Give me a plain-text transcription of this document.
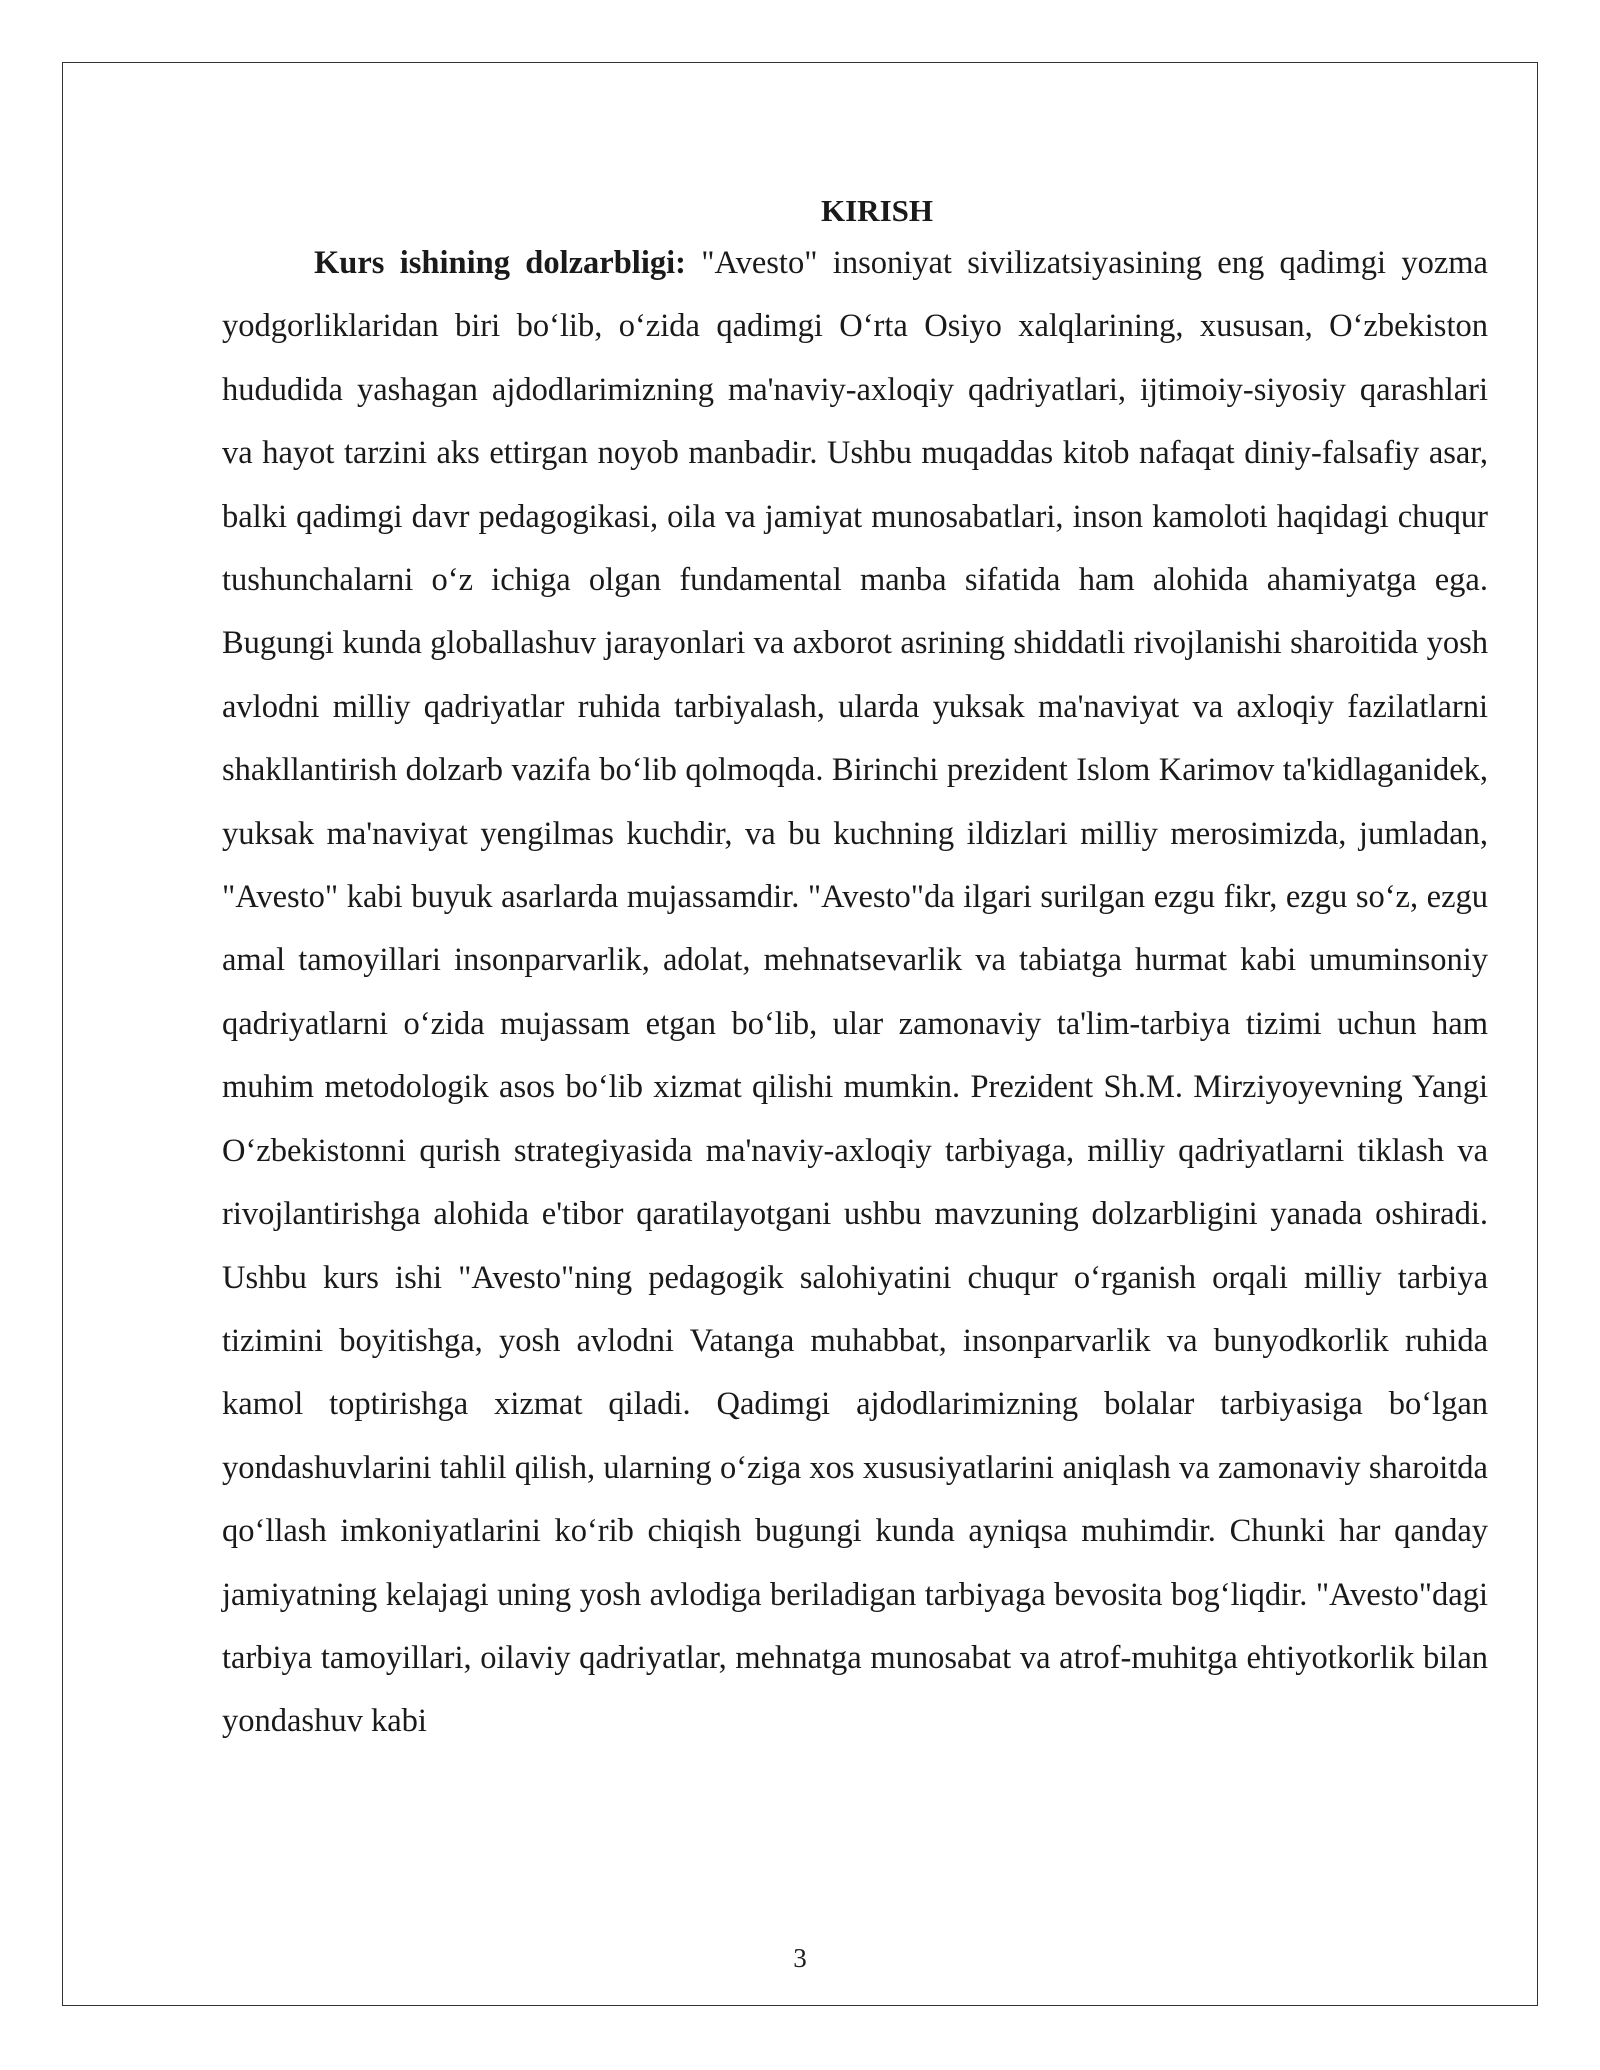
KIRISH

Kurs ishining dolzarbligi: "Avesto" insoniyat sivilizatsiyasining eng qadimgi yozma yodgorliklaridan biri bo‘lib, o‘zida qadimgi O‘rta Osiyo xalqlarining, xususan, O‘zbekiston hududida yashagan ajdodlarimizning ma'naviy-axloqiy qadriyatlari, ijtimoiy-siyosiy qarashlari va hayot tarzini aks ettirgan noyob manbadir. Ushbu muqaddas kitob nafaqat diniy-falsafiy asar, balki qadimgi davr pedagogikasi, oila va jamiyat munosabatlari, inson kamoloti haqidagi chuqur tushunchalarni o‘z ichiga olgan fundamental manba sifatida ham alohida ahamiyatga ega. Bugungi kunda globallashuv jarayonlari va axborot asrining shiddatli rivojlanishi sharoitida yosh avlodni milliy qadriyatlar ruhida tarbiyalash, ularda yuksak ma'naviyat va axloqiy fazilatlarni shakllantirish dolzarb vazifa bo‘lib qolmoqda. Birinchi prezident Islom Karimov ta'kidlaganidek, yuksak ma'naviyat yengilmas kuchdir, va bu kuchning ildizlari milliy merosimizda, jumladan, "Avesto" kabi buyuk asarlarda mujassamdir. "Avesto"da ilgari surilgan ezgu fikr, ezgu so‘z, ezgu amal tamoyillari insonparvarlik, adolat, mehnatsevarlik va tabiatga hurmat kabi umuminsoniy qadriyatlarni o‘zida mujassam etgan bo‘lib, ular zamonaviy ta'lim-tarbiya tizimi uchun ham muhim metodologik asos bo‘lib xizmat qilishi mumkin. Prezident Sh.M. Mirziyoyevning Yangi O‘zbekistonni qurish strategiyasida ma'naviy-axloqiy tarbiyaga, milliy qadriyatlarni tiklash va rivojlantirishga alohida e'tibor qaratilayotgani ushbu mavzuning dolzarbligini yanada oshiradi. Ushbu kurs ishi "Avesto"ning pedagogik salohiyatini chuqur o‘rganish orqali milliy tarbiya tizimini boyitishga, yosh avlodni Vatanga muhabbat, insonparvarlik va bunyodkorlik ruhida kamol toptirishga xizmat qiladi. Qadimgi ajdodlarimizning bolalar tarbiyasiga bo‘lgan yondashuvlarini tahlil qilish, ularning o‘ziga xos xususiyatlarini aniqlash va zamonaviy sharoitda qo‘llash imkoniyatlarini ko‘rib chiqish bugungi kunda ayniqsa muhimdir. Chunki har qanday jamiyatning kelajagi uning yosh avlodiga beriladigan tarbiyaga bevosita bog‘liqdir. "Avesto"dagi tarbiya tamoyillari, oilaviy qadriyatlar, mehnatga munosabat va atrof-muhitga ehtiyotkorlik bilan yondashuv kabi

3
